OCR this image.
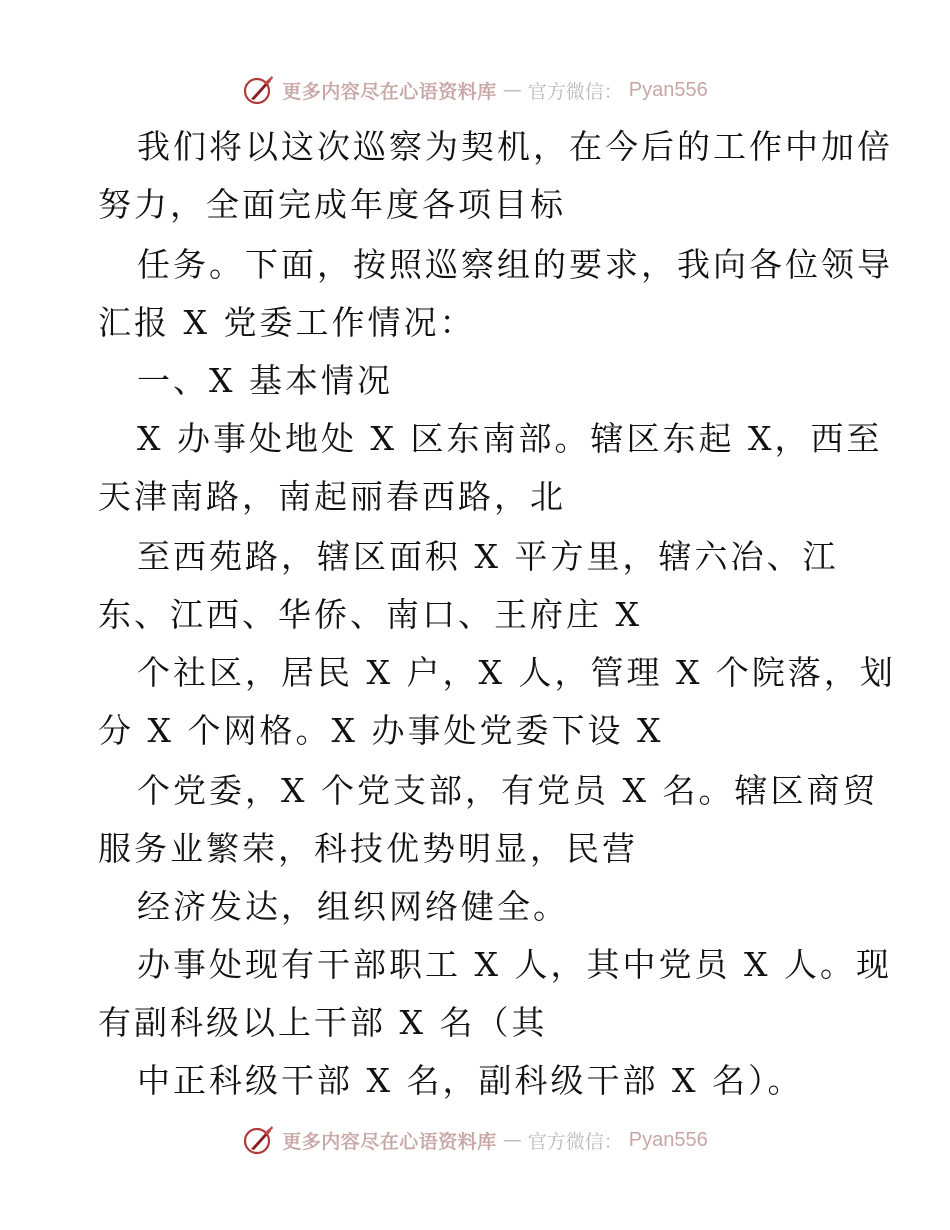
更多内容尽在心语资料库 — 官方微信： Pyan556
我们将以这次巡察为契机，在今后的工作中加倍
努力，全面完成年度各项目标
任务。下面，按照巡察组的要求，我向各位领导
汇报 X 党委工作情况：
一、X 基本情况
X 办事处地处 X 区东南部。辖区东起 X，西至
天津南路，南起丽春西路，北
至西苑路，辖区面积 X 平方里，辖六冶、江
东、江西、华侨、南口、王府庄 X
个社区，居民 X 户，X 人，管理 X 个院落，划
分 X 个网格。X 办事处党委下设 X
个党委，X 个党支部，有党员 X 名。辖区商贸
服务业繁荣，科技优势明显，民营
经济发达，组织网络健全。
办事处现有干部职工 X 人，其中党员 X 人。现
有副科级以上干部 X 名（其
中正科级干部 X 名，副科级干部 X 名）。
更多内容尽在心语资料库 — 官方微信： Pyan556
